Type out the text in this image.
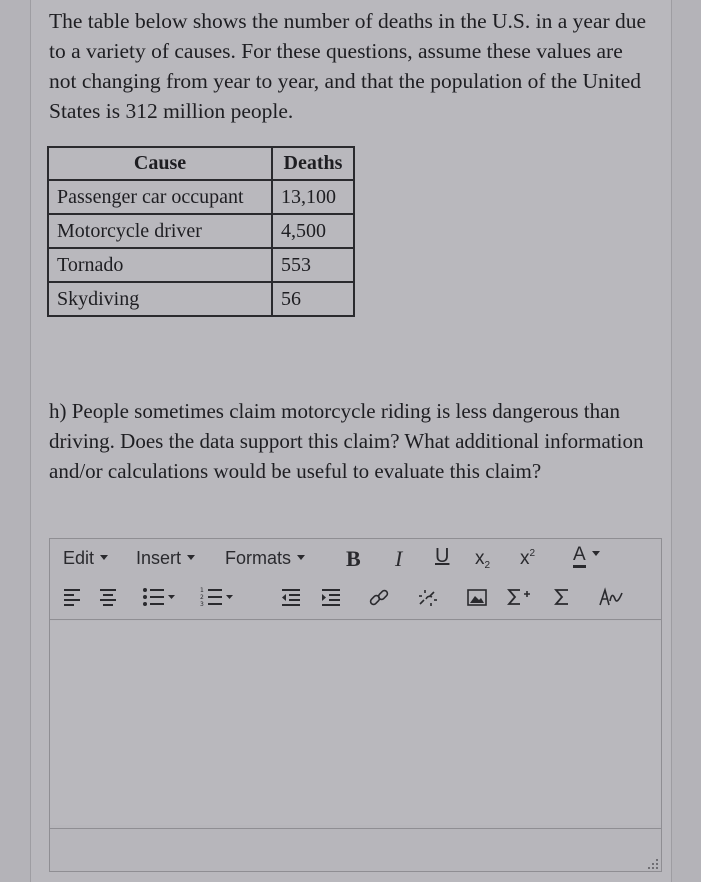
The table below shows the number of deaths in the U.S. in a year due to a variety of causes. For these questions, assume these values are not changing from year to year, and that the population of the United States is 312 million people.

Cause	Deaths
Passenger car occupant	13,100
Motorcycle driver	4,500
Tornado	553
Skydiving	56

h) People sometimes claim motorcycle riding is less dangerous than driving. Does the data support this claim? What additional information and/or calculations would be useful to evaluate this claim?

Edit	Insert	Formats	B I U $x_2$ $x^2$ A
1
2
3
